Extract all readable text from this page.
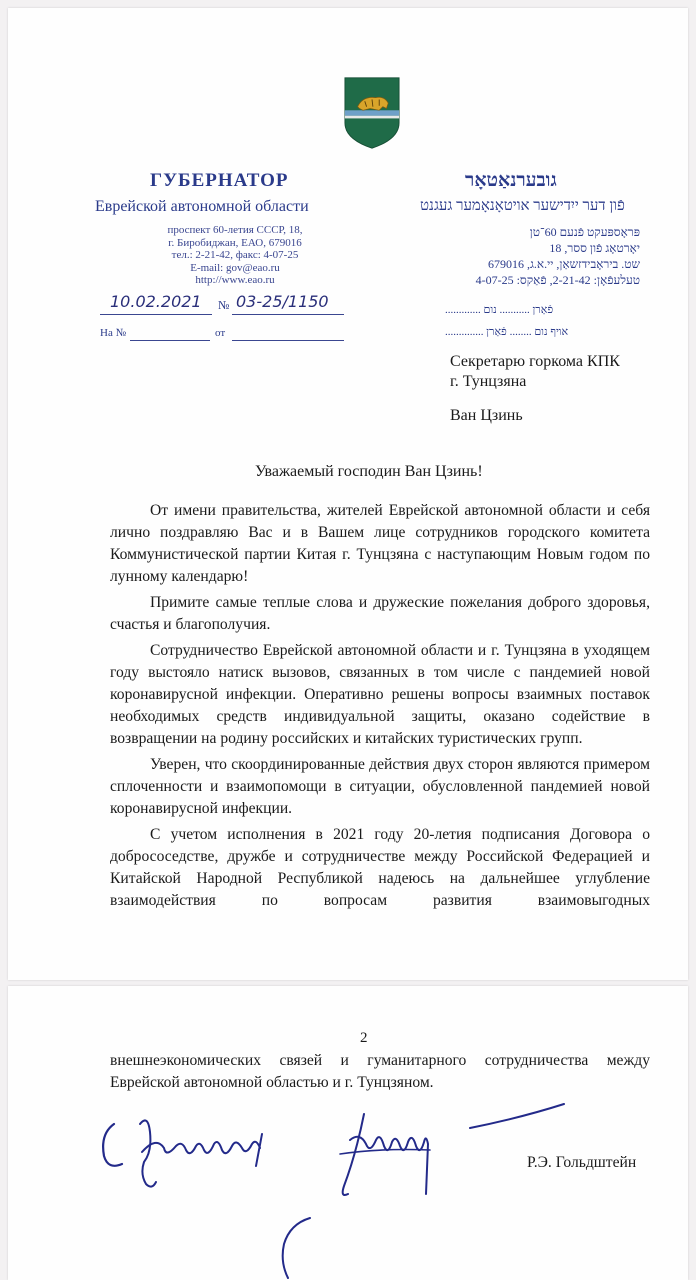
ГУБЕРНАТОР
Еврейской автономной области
проспект 60-летия СССР, 18,
г. Биробиджан, ЕАО, 679016
тел.: 2-21-42, факс: 4-07-25
E-mail: gov@eao.ru
http://www.eao.ru
גובערנאַטאָר
פֿון דער ייִדישער אויטאָנאָמער געגנט
פּראָספּעקט פֿנעם 60־טן
יאָרטאָג פֿון ססר, 18
שט. ביראָבידזשאַן, יי.א.ג, 679016
טעלעפֿאָן: 2-21-42, פֿאַקס: 4-07-25
פֿאַרן ........... נום .............
אױף נום ........ פֿאַרן ..............
10.02.2021 № 03-25/1150
На №	от
Секретарю горкома КПК
г. Тунцзяна
Ван Цзинь
Уважаемый господин Ван Цзинь!

От имени правительства, жителей Еврейской автономной области и себя лично поздравляю Вас и в Вашем лице сотрудников городского комитета Коммунистической партии Китая г. Тунцзяна с наступающим Новым годом по лунному календарю!

Примите самые теплые слова и дружеские пожелания доброго здоровья, счастья и благополучия.

Сотрудничество Еврейской автономной области и г. Тунцзяна в уходящем году выстояло натиск вызовов, связанных в том числе с пандемией новой коронавирусной инфекции. Оперативно решены вопросы взаимных поставок необходимых средств индивидуальной защиты, оказано содействие в возвращении на родину российских и китайских туристических групп.

Уверен, что скоординированные действия двух сторон являются примером сплоченности и взаимопомощи в ситуации, обусловленной пандемией новой коронавирусной инфекции.

С учетом исполнения в 2021 году 20-летия подписания Договора о добрососедстве, дружбе и сотрудничестве между Российской Федерацией и Китайской Народной Республикой надеюсь на дальнейшее углубление взаимодействия по вопросам развития взаимовыгодных

2

внешнеэкономических связей и гуманитарного сотрудничества между

Еврейской автономной областью и г. Тунцзяном.

Р.Э. Гольдштейн
